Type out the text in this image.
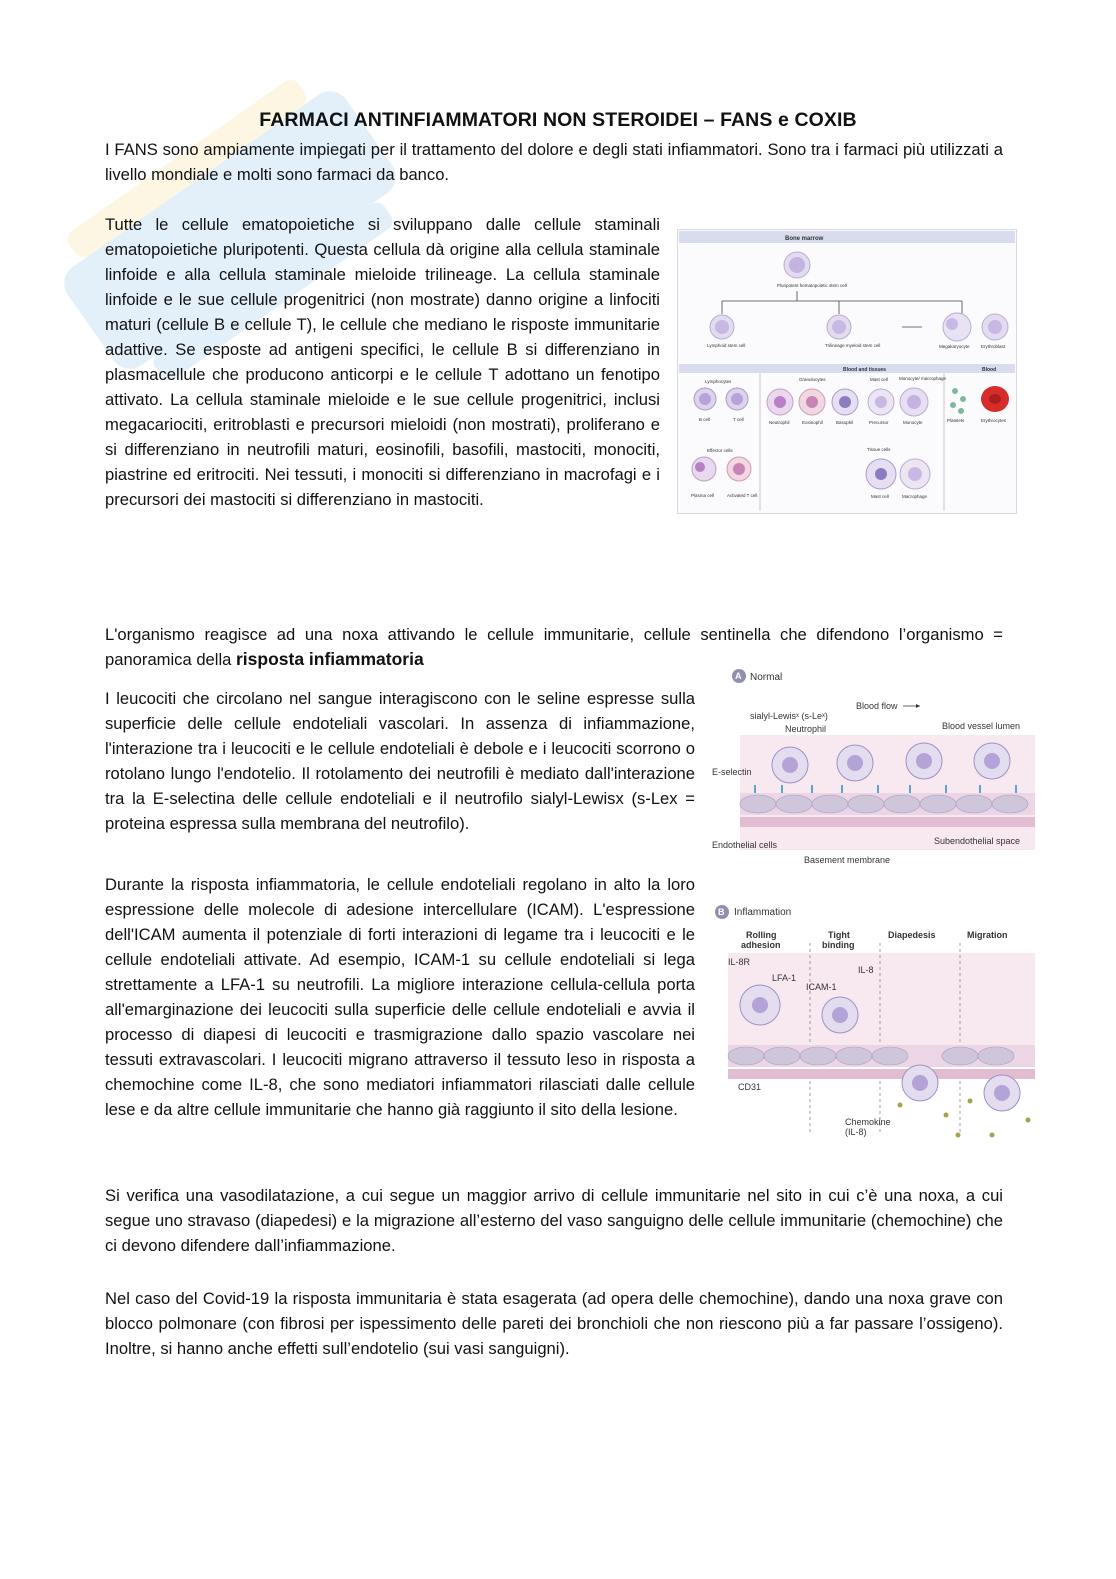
FARMACI ANTINFIAMMATORI NON STEROIDEI – FANS e COXIB

I FANS sono ampiamente impiegati per il trattamento del dolore e degli stati infiammatori. Sono tra i farmaci più utilizzati a livello mondiale e molti sono farmaci da banco.

Tutte le cellule ematopoietiche si sviluppano dalle cellule staminali ematopoietiche pluripotenti. Questa cellula dà origine alla cellula staminale linfoide e alla cellula staminale mieloide trilineage. La cellula staminale linfoide e le sue cellule progenitrici (non mostrate) danno origine a linfociti maturi (cellule B e cellule T), le cellule che mediano le risposte immunitarie adattive. Se esposte ad antigeni specifici, le cellule B si differenziano in plasmacellule che producono anticorpi e le cellule T adottano un fenotipo attivato. La cellula staminale mieloide e le sue cellule progenitrici, inclusi megacariociti, eritroblasti e precursori mieloidi (non mostrati), proliferano e si differenziano in neutrofili maturi, eosinofili, basofili, mastociti, monociti, piastrine ed eritrociti. Nei tessuti, i monociti si differenziano in macrofagi e i precursori dei mastociti si differenziano in mastociti.

Bone marrow
Pluripotent hematopoietic stem cell
Lymphoid stem cell	Trilineage myeloid stem cell	Megakaryocyte	Erythroblast
Blood and tissues	Blood
Lymphocytes	Granulocytes	Mast cell Monocyte/ macrophage
B cell	T cell
Neutrophil	Eosinophil	Basophil	Precursor	Monocyte	Platelets	Erythrocytes
Effector cells	Tissue cells
Plasma cell	Activated T cell	Mast cell	Macrophage

L'organismo reagisce ad una noxa attivando le cellule immunitarie, cellule sentinella che difendono l’organismo = panoramica della risposta infiammatoria

I leucociti che circolano nel sangue interagiscono con le seline espresse sulla superficie delle cellule endoteliali vascolari. In assenza di infiammazione, l'interazione tra i leucociti e le cellule endoteliali è debole e i leucociti scorrono o rotolano lungo l'endotelio. Il rotolamento dei neutrofili è mediato dall'interazione tra la E-selectina delle cellule endoteliali e il neutrofilo sialyl-Lewisx (s-Lex = proteina espressa sulla membrana del neutrofilo).

Durante la risposta infiammatoria, le cellule endoteliali regolano in alto la loro espressione delle molecole di adesione intercellulare (ICAM). L'espressione dell'ICAM aumenta il potenziale di forti interazioni di legame tra i leucociti e le cellule endoteliali attivate. Ad esempio, ICAM-1 su cellule endoteliali si lega strettamente a LFA-1 su neutrofili. La migliore interazione cellula-cellula porta all'emarginazione dei leucociti sulla superficie delle cellule endoteliali e avvia il processo di diapesi di leucociti e trasmigrazione dallo spazio vascolare nei tessuti extravascolari. I leucociti migrano attraverso il tessuto leso in risposta a chemochine come IL-8, che sono mediatori infiammatori rilasciati dalle cellule lese e da altre cellule immunitarie che hanno già raggiunto il sito della lesione.

A Normal
Blood flow
sialyl-Lewisˣ (s-Leˣ)
Neutrophil	Blood vessel lumen
E-selectin
Endothelial cells	Subendothelial space
Basement membrane
B Inflammation
Rolling
adhesion
Tight
binding
Diapedesis	Migration
IL-8R
LFA-1
ICAM-1
IL-8
CD31
Chemokine
(IL-8)

Si verifica una vasodilatazione, a cui segue un maggior arrivo di cellule immunitarie nel sito in cui c’è una noxa, a cui segue uno stravaso (diapedesi) e la migrazione all’esterno del vaso sanguigno delle cellule immunitarie (chemochine) che ci devono difendere dall’infiammazione.

Nel caso del Covid-19 la risposta immunitaria è stata esagerata (ad opera delle chemochine), dando una noxa grave con blocco polmonare (con fibrosi per ispessimento delle pareti dei bronchioli che non riescono più a far passare l’ossigeno). Inoltre, si hanno anche effetti sull’endotelio (sui vasi sanguigni).
